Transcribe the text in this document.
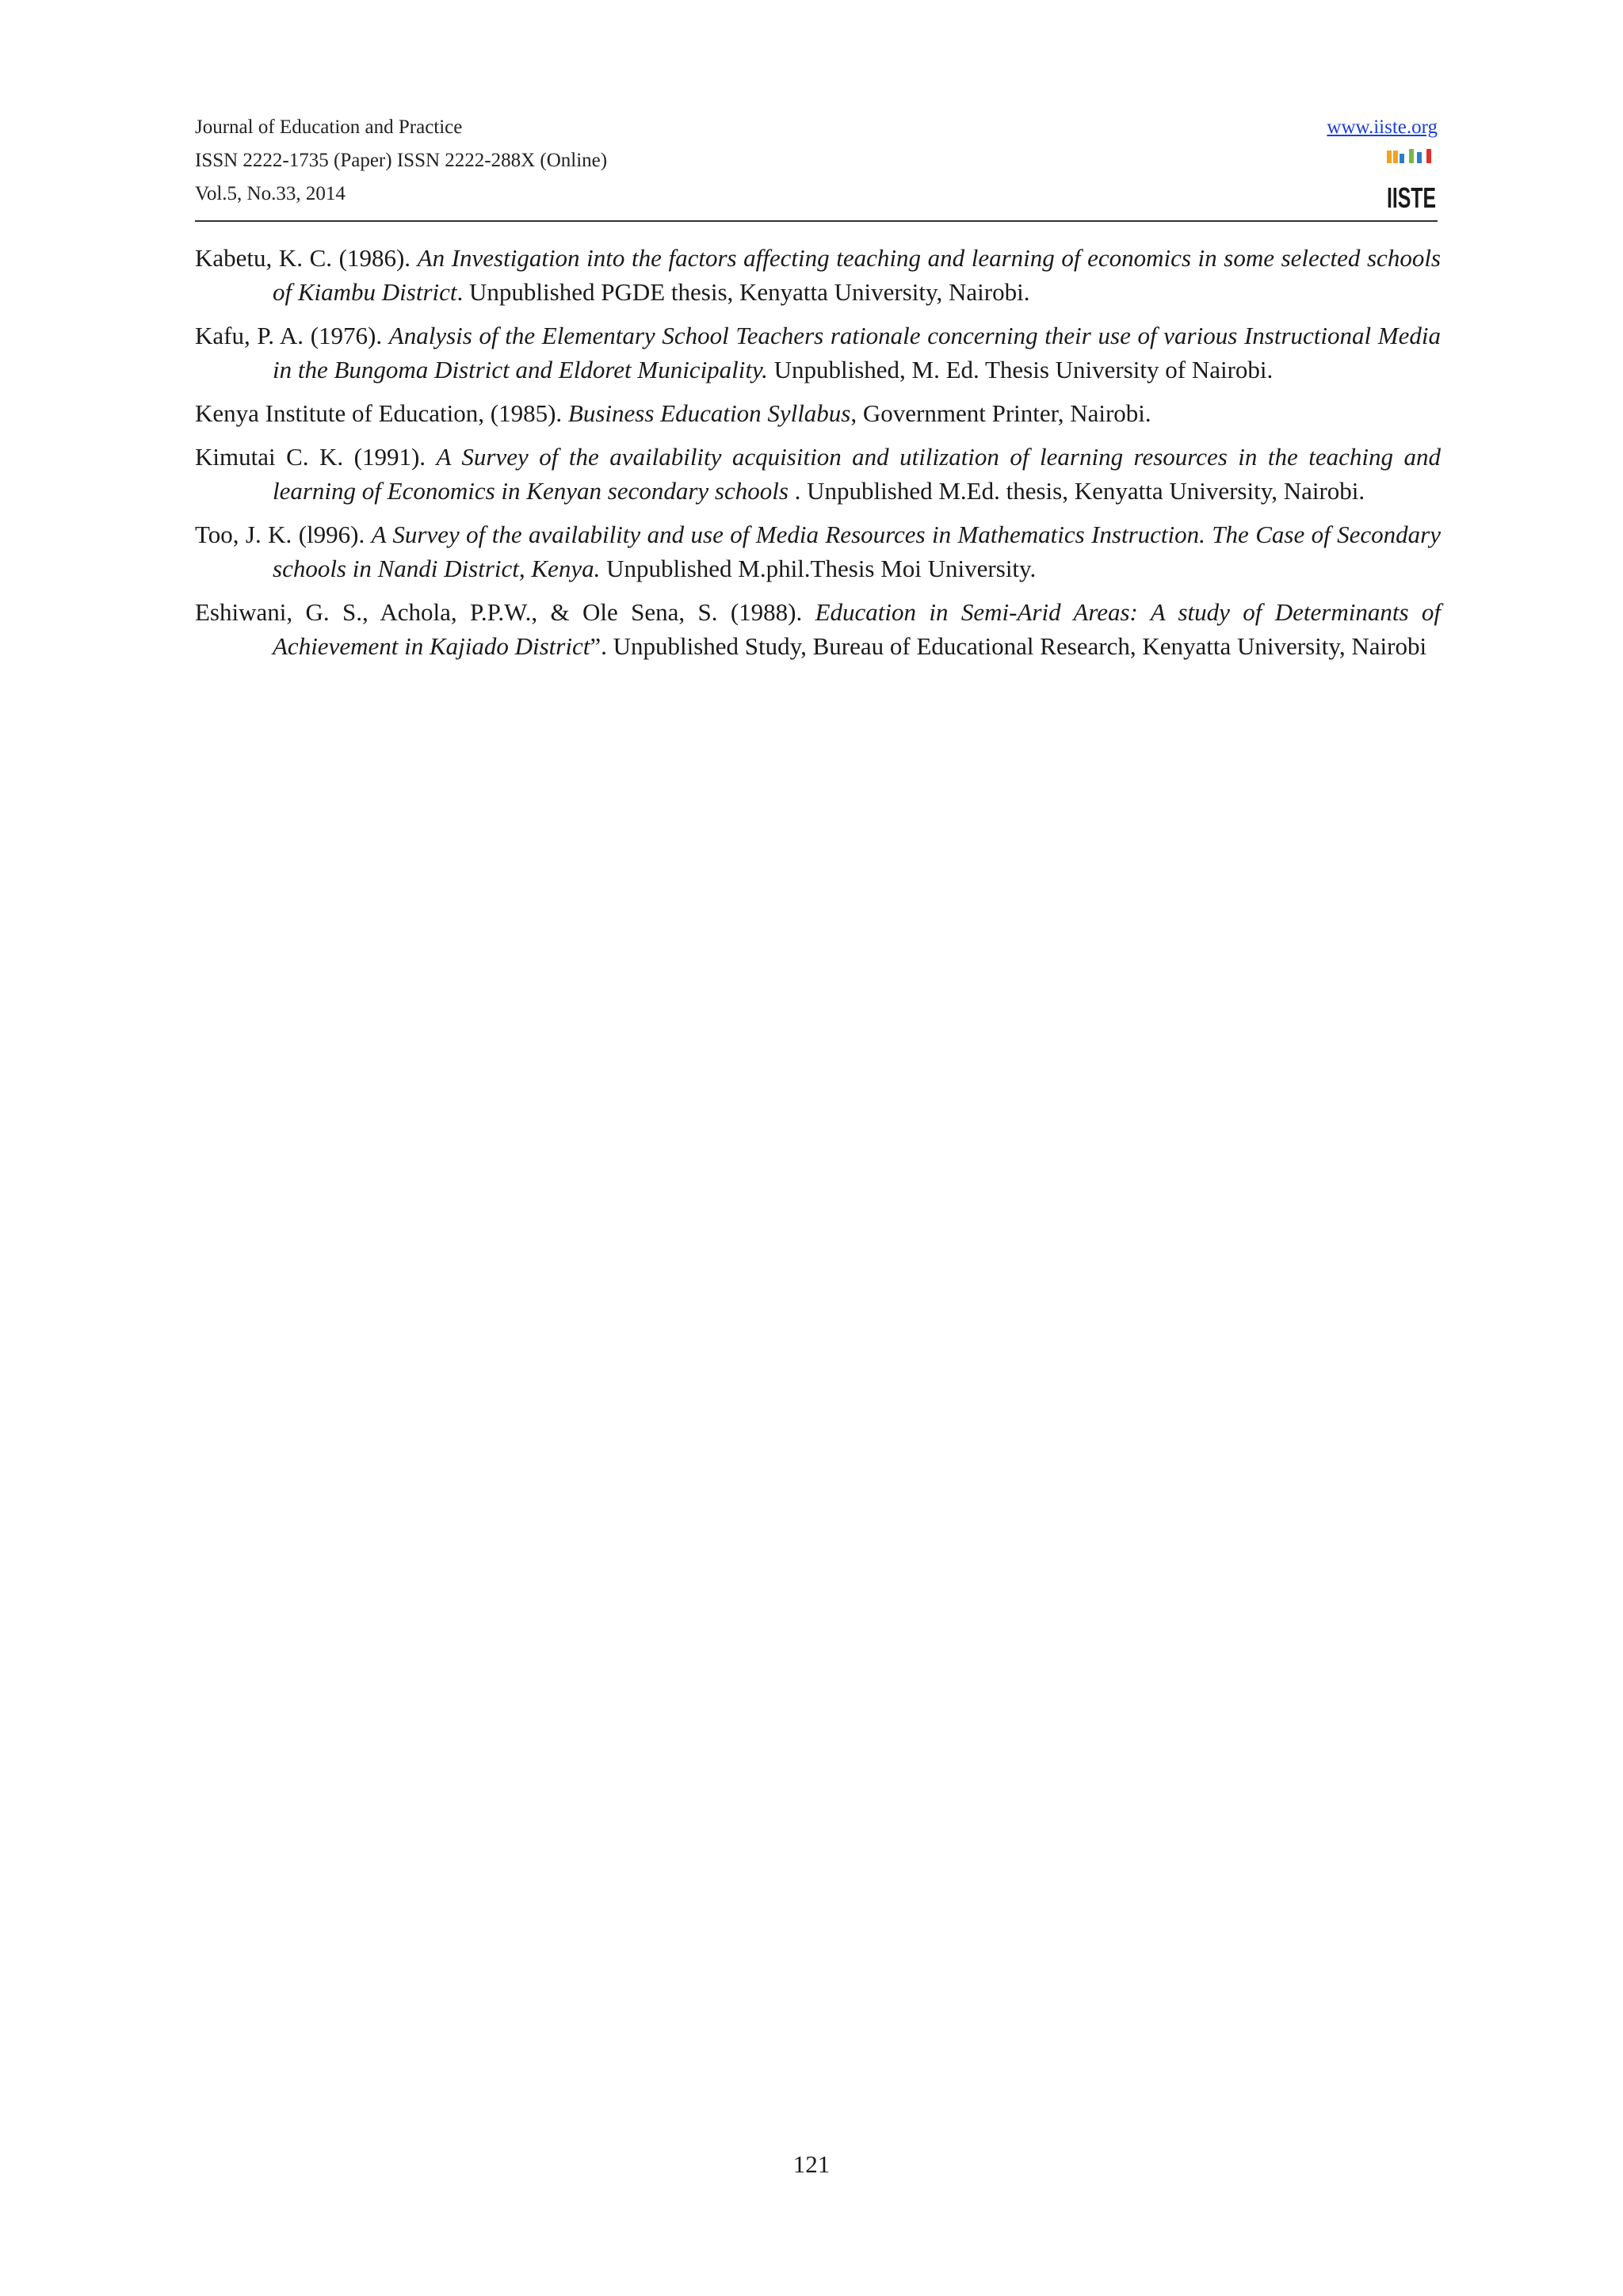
Journal of Education and Practice
ISSN 2222-1735 (Paper) ISSN 2222-288X (Online)
Vol.5, No.33, 2014
www.iiste.org
IISTE

Kabetu, K. C. (1986). An Investigation into the factors affecting teaching and learning of economics in some selected schools of Kiambu District. Unpublished PGDE thesis, Kenyatta University, Nairobi.

Kafu, P. A. (1976). Analysis of the Elementary School Teachers rationale concerning their use of various Instructional Media in the Bungoma District and Eldoret Municipality. Unpublished, M. Ed. Thesis University of Nairobi.

Kenya Institute of Education, (1985). Business Education Syllabus, Government Printer, Nairobi.

Kimutai C. K. (1991). A Survey of the availability acquisition and utilization of learning resources in the teaching and learning of Economics in Kenyan secondary schools . Unpublished M.Ed. thesis, Kenyatta University, Nairobi.

Too, J. K. (l996). A Survey of the availability and use of Media Resources in Mathematics Instruction. The Case of Secondary schools in Nandi District, Kenya. Unpublished M.phil.Thesis Moi University.

Eshiwani, G. S., Achola, P.P.W., & Ole Sena, S. (1988). Education in Semi-Arid Areas: A study of Determinants of Achievement in Kajiado District”. Unpublished Study, Bureau of Educational Research, Kenyatta University, Nairobi

121
